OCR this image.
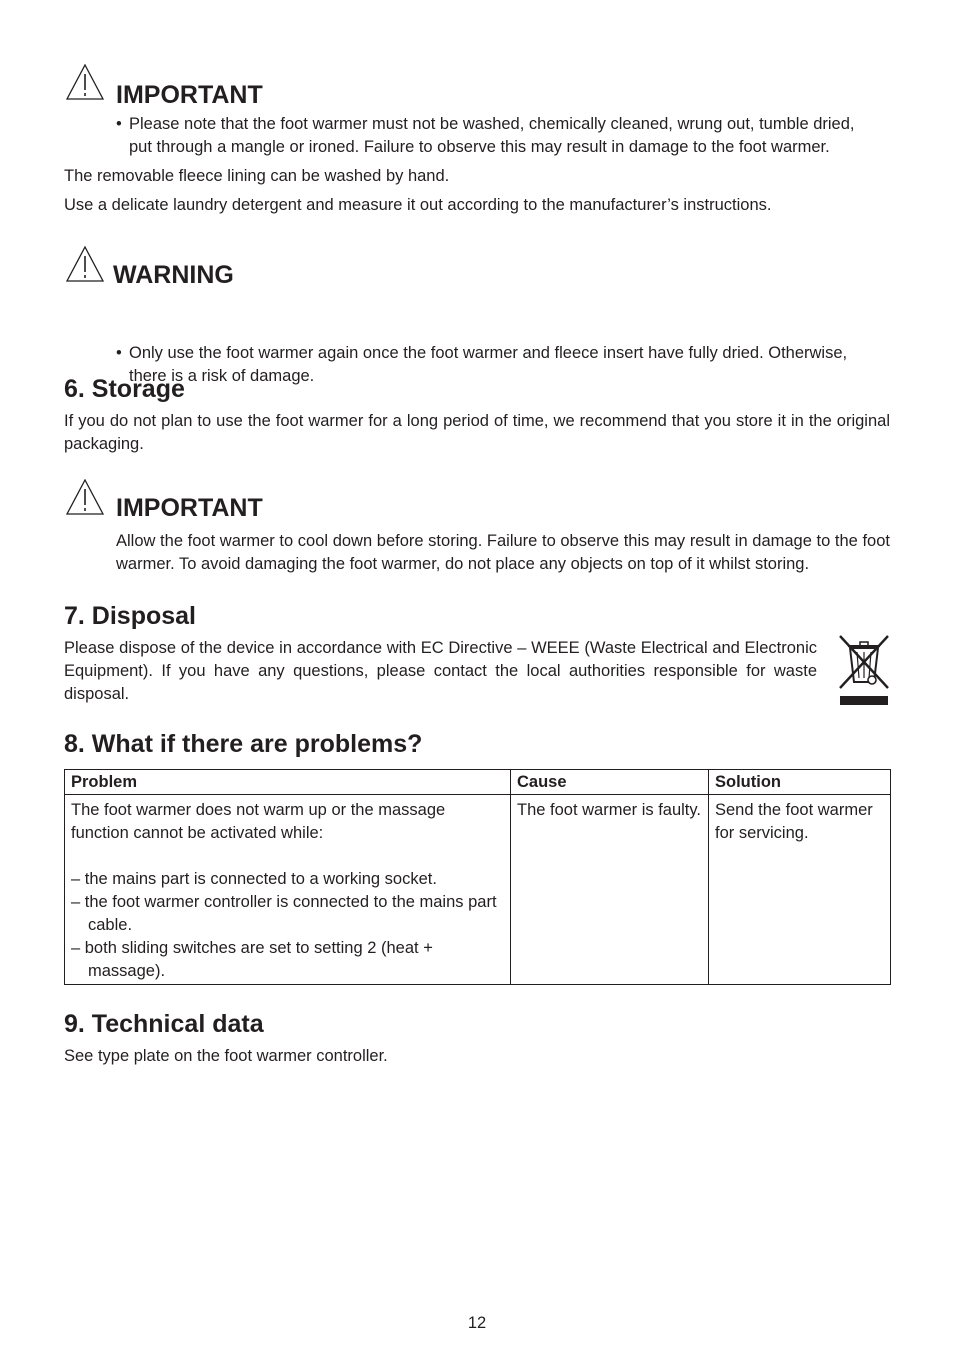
IMPORTANT
• Please note that the foot warmer must not be washed, chemically cleaned, wrung out, tumble dried,
put through a mangle or ironed. Failure to observe this may result in damage to the foot warmer.

The removable fleece lining can be washed by hand.

Use a delicate laundry detergent and measure it out according to the manufacturer’s instructions.

WARNING
• Only use the foot warmer again once the foot warmer and fleece insert have fully dried. Otherwise,
there is a risk of damage.
6. Storage

If you do not plan to use the foot warmer for a long period of time, we recommend that you store it in the original packaging.

IMPORTANT

Allow the foot warmer to cool down before storing. Failure to observe this may result in damage to the foot warmer. To avoid damaging the foot warmer, do not place any objects on top of it whilst storing.

7. Disposal

Please dispose of the device in accordance with EC Directive – WEEE (Waste Electrical and Electronic Equipment). If you have any questions, please contact the local authorities responsible for waste disposal.

8. What if there are problems?
Problem	Cause	Solution

The foot warmer does not warm up or the massage function cannot be activated while:
– the mains part is connected to a working socket.
– the foot warmer controller is connected to the mains part cable.
– both sliding switches are set to setting 2 (heat + massage).	The foot warmer is faulty.	Send the foot warmer for servicing.
9. Technical data

See type plate on the foot warmer controller.

12
